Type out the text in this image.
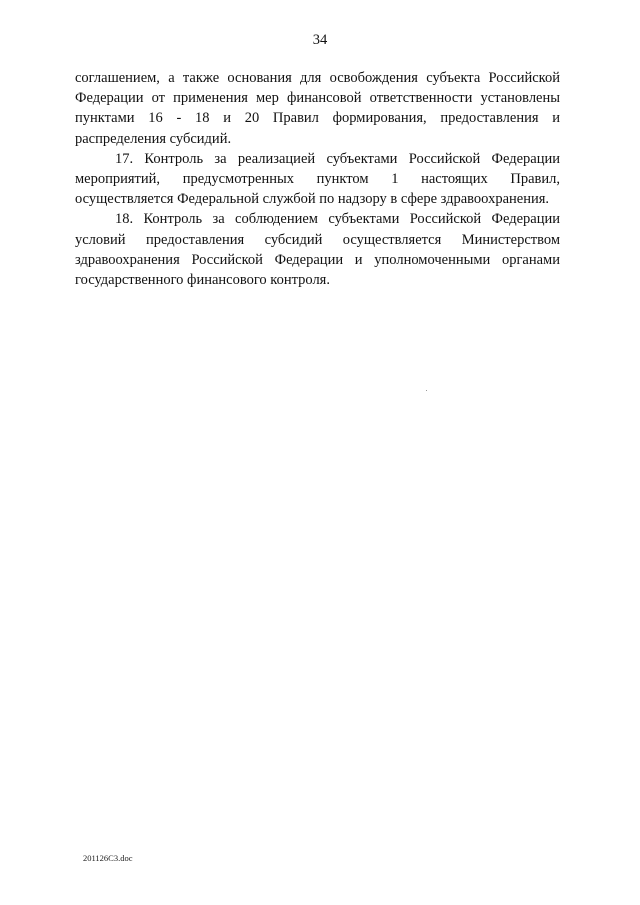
34

соглашением, а также основания для освобождения субъекта Российской Федерации от применения мер финансовой ответственности установлены пунктами 16 - 18 и 20 Правил формирования, предоставления и распределения субсидий.

17. Контроль за реализацией субъектами Российской Федерации мероприятий, предусмотренных пунктом 1 настоящих Правил, осуществляется Федеральной службой по надзору в сфере здравоохранения.

18. Контроль за соблюдением субъектами Российской Федерации условий предоставления субсидий осуществляется Министерством здравоохранения Российской Федерации и уполномоченными органами государственного финансового контроля.

201126C3.doc
